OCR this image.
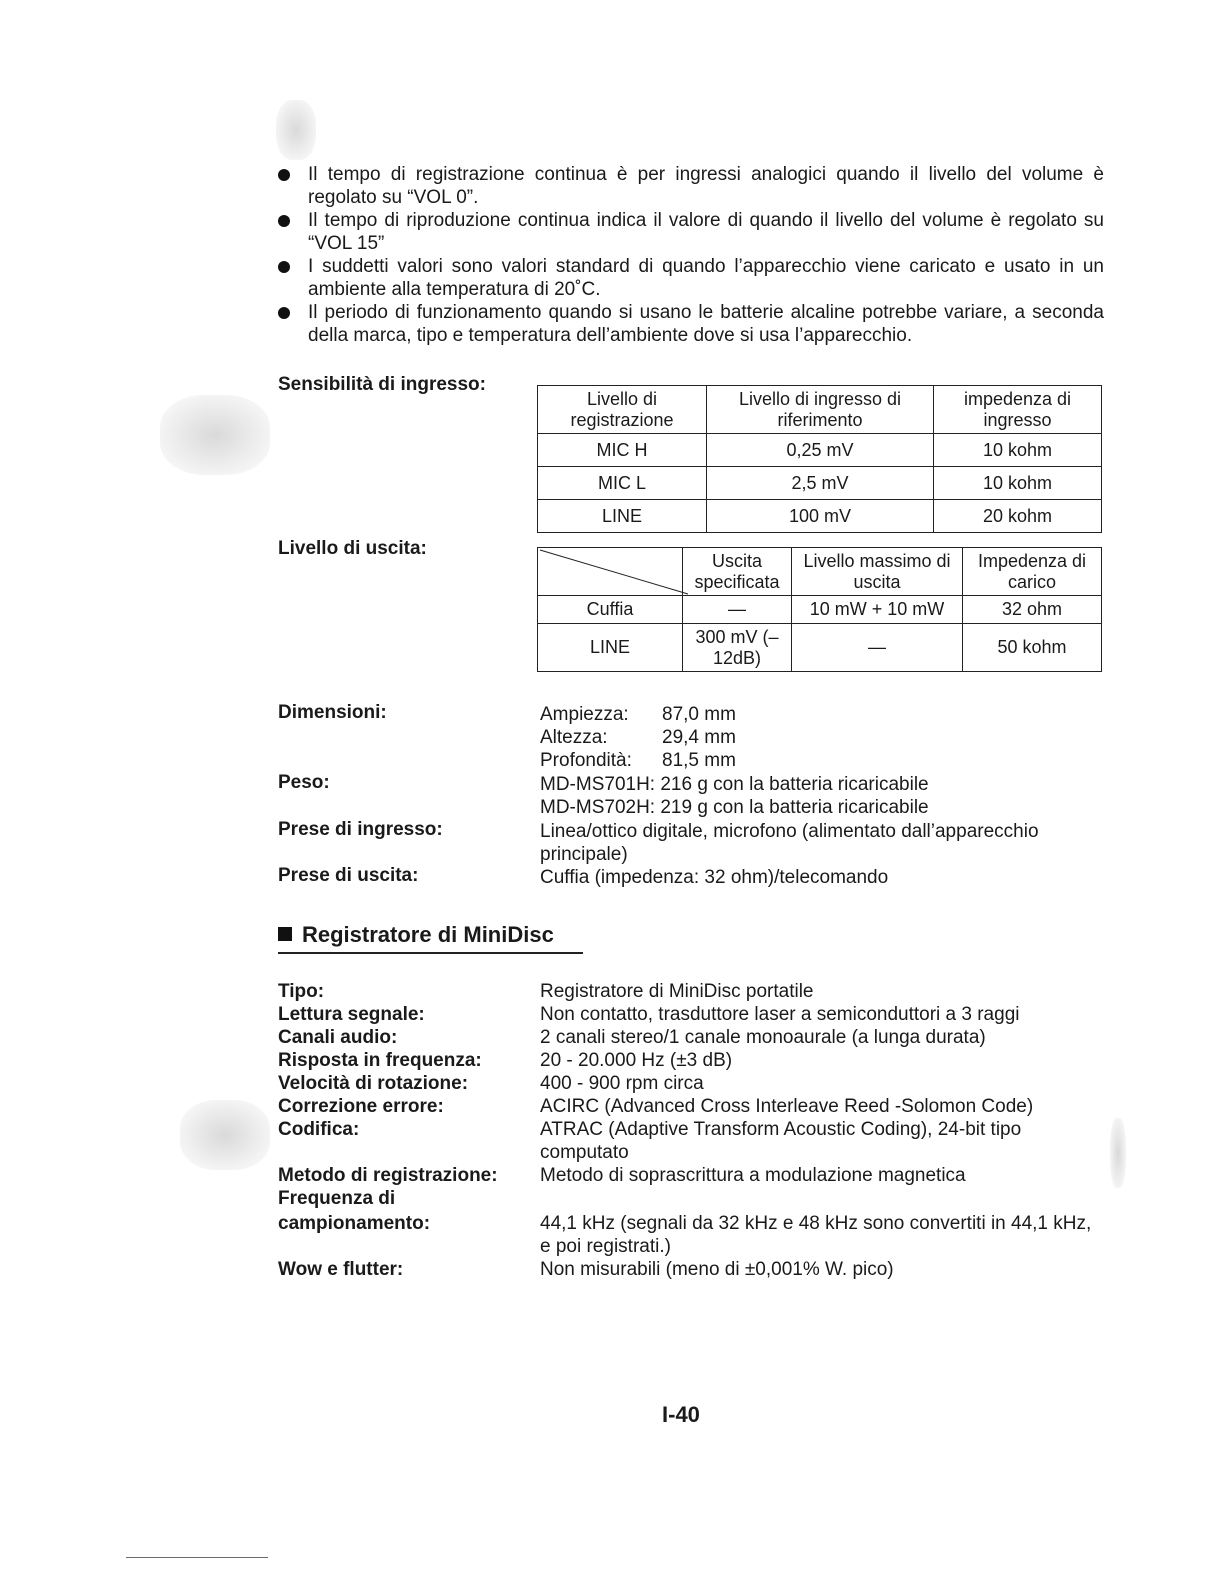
Il tempo di registrazione continua è per ingressi analogici quando il livello del volume è regolato su “VOL 0”.
Il tempo di riproduzione continua indica il valore di quando il livello del volume è regolato su “VOL 15”
I suddetti valori sono valori standard di quando l’apparecchio viene caricato e usato in un ambiente alla temperatura di 20˚C.
Il periodo di funzionamento quando si usano le batterie alcaline potrebbe variare, a seconda della marca, tipo e temperatura dell’ambiente dove si usa l’apparecchio.
Sensibilità di ingresso:
Livello di registrazione	Livello di ingresso di riferimento	impedenza di ingresso
MIC H	0,25 mV	10 kohm
MIC L	2,5 mV	10 kohm
LINE	100 mV	20 kohm
Livello di uscita:
	Uscita specificata	Livello massimo di uscita	Impedenza di carico
Cuffia	—	10 mW + 10 mW	32 ohm
LINE	300 mV (–12dB)	—	50 kohm
Dimensioni:	Ampiezza: 87,0 mm
Altezza:	29,4 mm
Profondità: 81,5 mm
Peso:	MD-MS701H: 216 g con la batteria ricaricabile
MD-MS702H: 219 g con la batteria ricaricabile
Prese di ingresso:	Linea/ottico digitale, microfono (alimentato dall’apparecchio principale)
Prese di uscita:	Cuffia (impedenza: 32 ohm)/telecomando
Registratore di MiniDisc
Tipo:	Registratore di MiniDisc portatile
Lettura segnale:	Non contatto, trasduttore laser a semiconduttori a 3 raggi
Canali audio:	2 canali stereo/1 canale monoaurale (a lunga durata)
Risposta in frequenza:	20 - 20.000 Hz (±3 dB)
Velocità di rotazione:	400 - 900 rpm circa
Correzione errore:	ACIRC (Advanced Cross Interleave Reed -Solomon Code)
Codifica:	ATRAC (Adaptive Transform Acoustic Coding), 24-bit tipo computato
Metodo di registrazione:	Metodo di soprascrittura a modulazione magnetica
Frequenza di
campionamento:	44,1 kHz (segnali da 32 kHz e 48 kHz sono convertiti in 44,1 kHz, e poi registrati.)
Wow e flutter:	Non misurabili (meno di ±0,001% W. pico)
I-40
